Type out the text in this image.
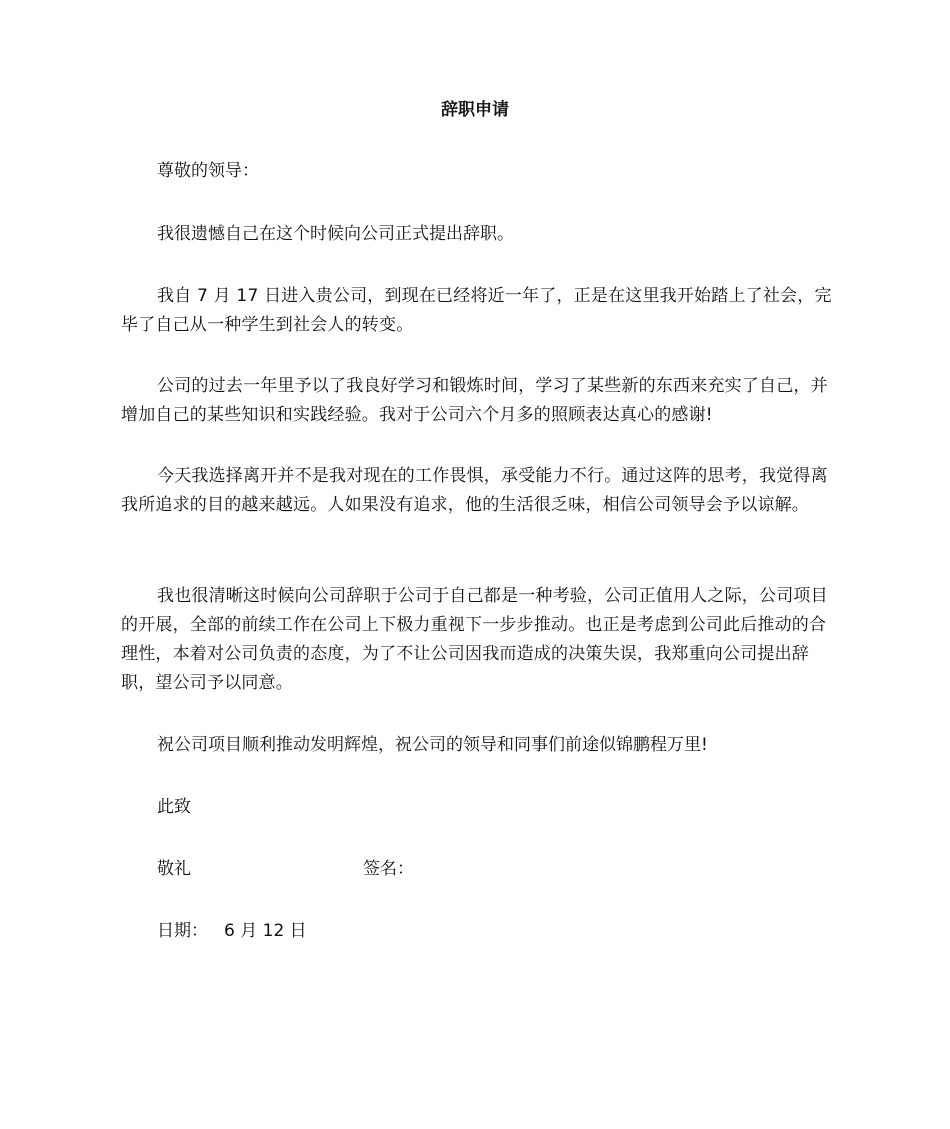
辞职申请

尊敬的领导：

我很遗憾自己在这个时候向公司正式提出辞职。

我自 7 月 17 日进入贵公司，到现在已经将近一年了，正是在这里我开始踏上了社会，完毕了自己从一种学生到社会人的转变。

公司的过去一年里予以了我良好学习和锻炼时间，学习了某些新的东西来充实了自己，并增加自己的某些知识和实践经验。我对于公司六个月多的照顾表达真心的感谢!

今天我选择离开并不是我对现在的工作畏惧，承受能力不行。通过这阵的思考，我觉得离我所追求的目的越来越远。人如果没有追求，他的生活很乏味，相信公司领导会予以谅解。

我也很清晰这时候向公司辞职于公司于自己都是一种考验，公司正值用人之际，公司项目的开展，全部的前续工作在公司上下极力重视下一步步推动。也正是考虑到公司此后推动的合理性，本着对公司负责的态度，为了不让公司因我而造成的决策失误，我郑重向公司提出辞职，望公司予以同意。

祝公司项目顺利推动发明辉煌，祝公司的领导和同事们前途似锦鹏程万里!

此致

敬礼	签名：
日期： 6 月 12 日
